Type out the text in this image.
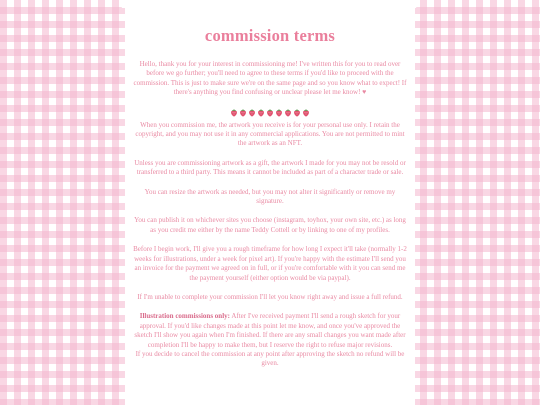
commission terms

Hello, thank you for your interest in commissioning me! I've written this for you to read over before we go further; you'll need to agree to these terms if you'd like to proceed with the commission. This is just to make sure we're on the same page and so you know what to expect! If there's anything you find confusing or unclear please let me know! ♥

When you commission me, the artwork you receive is for your personal use only. I retain the copyright, and you may not use it in any commercial applications. You are not permitted to mint the artwork as an NFT.

Unless you are commissioning artwork as a gift, the artwork I made for you may not be resold or transferred to a third party. This means it cannot be included as part of a character trade or sale.

You can resize the artwork as needed, but you may not alter it significantly or remove my signature.

You can publish it on whichever sites you choose (instagram, toyhox, your own site, etc.) as long as you credit me either by the name Teddy Cottell or by linking to one of my profiles.

Before I begin work, I'll give you a rough timeframe for how long I expect it'll take (normally 1-2 weeks for illustrations, under a week for pixel art). If you're happy with the estimate I'll send you an invoice for the payment we agreed on in full, or if you're comfortable with it you can send me the payment yourself (either option would be via paypal).

If I'm unable to complete your commission I'll let you know right away and issue a full refund.

Illustration commissions only: After I've received payment I'll send a rough sketch for your approval. If you'd like changes made at this point let me know, and once you've approved the sketch I'll show you again when I'm finished. If there are any small changes you want made after completion I'll be happy to make them, but I reserve the right to refuse major revisions.

If you decide to cancel the commission at any point after approving the sketch no refund will be given.
